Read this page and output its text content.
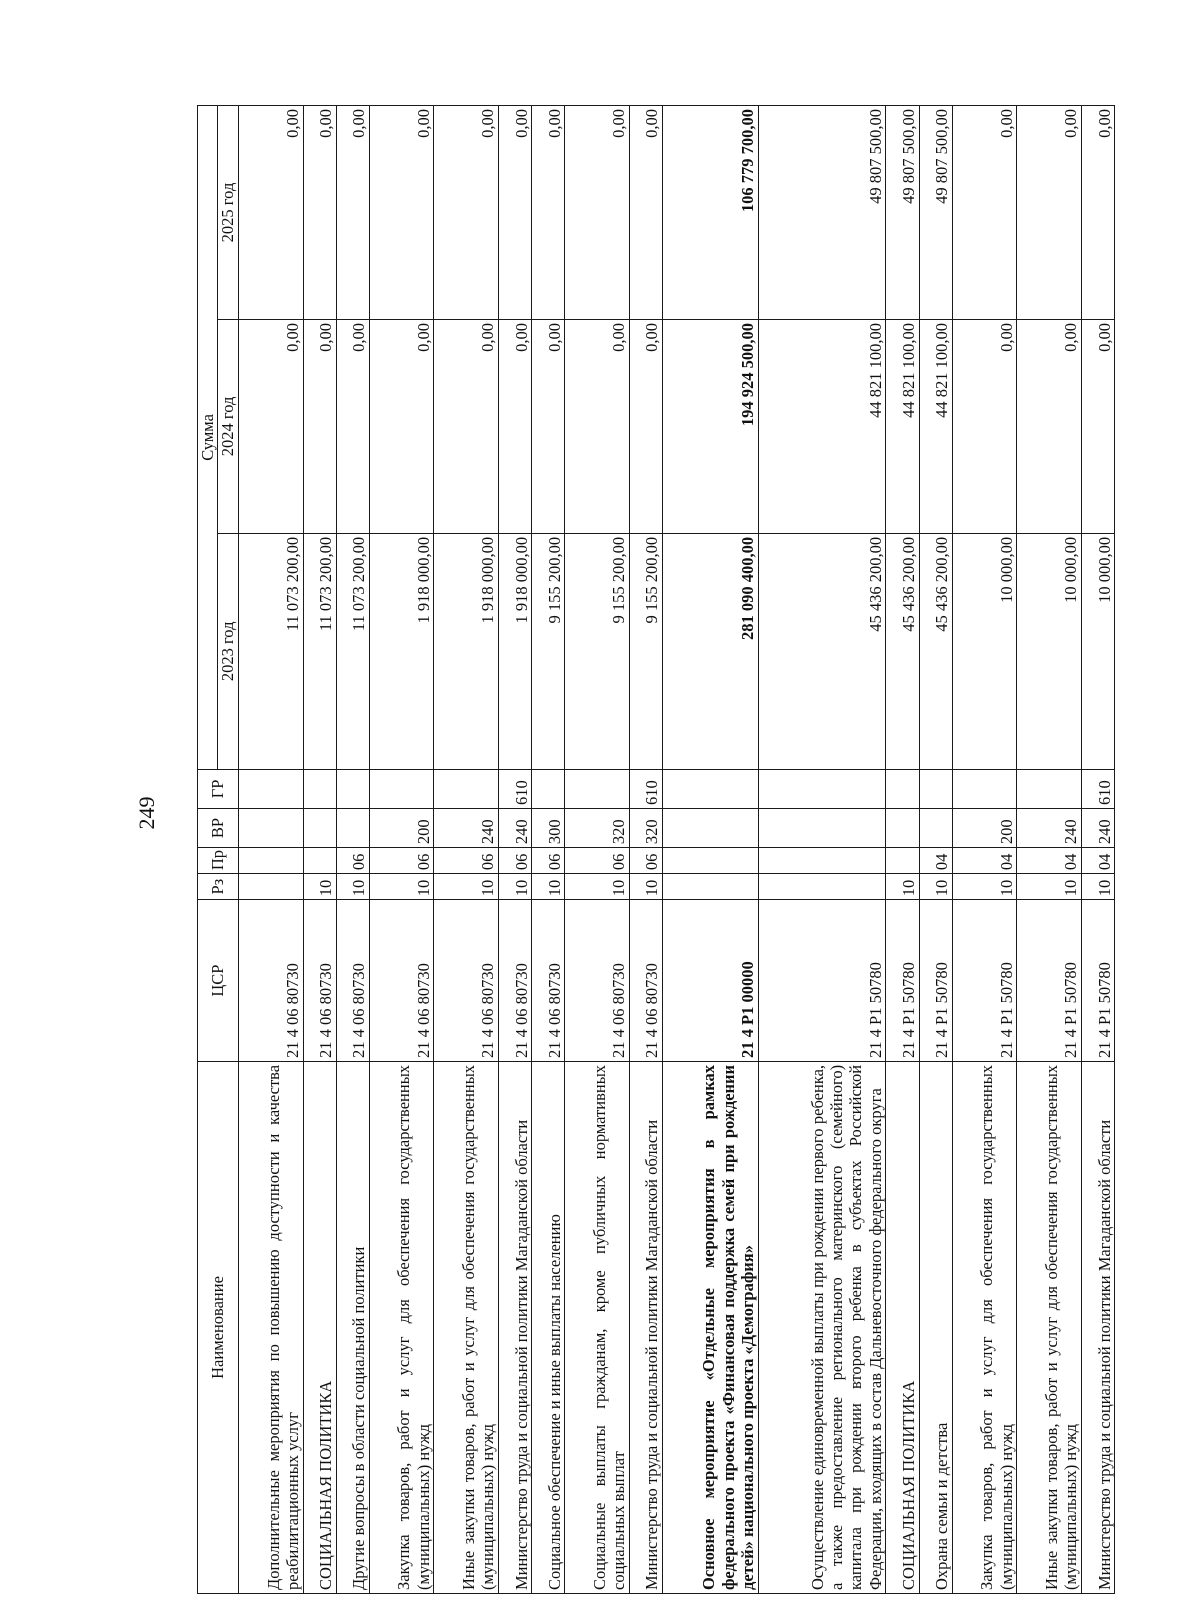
249
Наименование	ЦСР	Рз	Пр	ВР	ГР	Сумма		
						2023 год	2024 год	2025 год
Дополнительные мероприятия по повышению доступности и качества реабилитационных услуг	21 4 06 80730					11 073 200,00	0,00	0,00
СОЦИАЛЬНАЯ ПОЛИТИКА	21 4 06 80730	10				11 073 200,00	0,00	0,00
Другие вопросы в области социальной политики	21 4 06 80730	10	06			11 073 200,00	0,00	0,00
Закупка товаров, работ и услуг для обеспечения государственных (муниципальных) нужд	21 4 06 80730	10	06	200		1 918 000,00	0,00	0,00
Иные закупки товаров, работ и услуг для обеспечения государственных (муниципальных) нужд	21 4 06 80730	10	06	240		1 918 000,00	0,00	0,00
Министерство труда и социальной политики Магаданской области	21 4 06 80730	10	06	240	610	1 918 000,00	0,00	0,00
Социальное обеспечение и иные выплаты населению	21 4 06 80730	10	06	300		9 155 200,00	0,00	0,00
Социальные выплаты гражданам, кроме публичных нормативных социальных выплат	21 4 06 80730	10	06	320		9 155 200,00	0,00	0,00
Министерство труда и социальной политики Магаданской области	21 4 06 80730	10	06	320	610	9 155 200,00	0,00	0,00
Основное мероприятие «Отдельные мероприятия в рамках федерального проекта «Финансовая поддержка семей при рождении детей» национального проекта «Демография»	21 4 P1 00000					281 090 400,00	194 924 500,00	106 779 700,00
Осуществление единовременной выплаты при рождении первого ребенка, а также предоставление регионального материнского (семейного) капитала при рождении второго ребенка в субъектах Российской Федерации, входящих в состав Дальневосточного федерального округа	21 4 P1 50780					45 436 200,00	44 821 100,00	49 807 500,00
СОЦИАЛЬНАЯ ПОЛИТИКА	21 4 P1 50780	10				45 436 200,00	44 821 100,00	49 807 500,00
Охрана семьи и детства	21 4 P1 50780	10	04			45 436 200,00	44 821 100,00	49 807 500,00
Закупка товаров, работ и услуг для обеспечения государственных (муниципальных) нужд	21 4 P1 50780	10	04	200		10 000,00	0,00	0,00
Иные закупки товаров, работ и услуг для обеспечения государственных (муниципальных) нужд	21 4 P1 50780	10	04	240		10 000,00	0,00	0,00
Министерство труда и социальной политики Магаданской области	21 4 P1 50780	10	04	240	610	10 000,00	0,00	0,00
